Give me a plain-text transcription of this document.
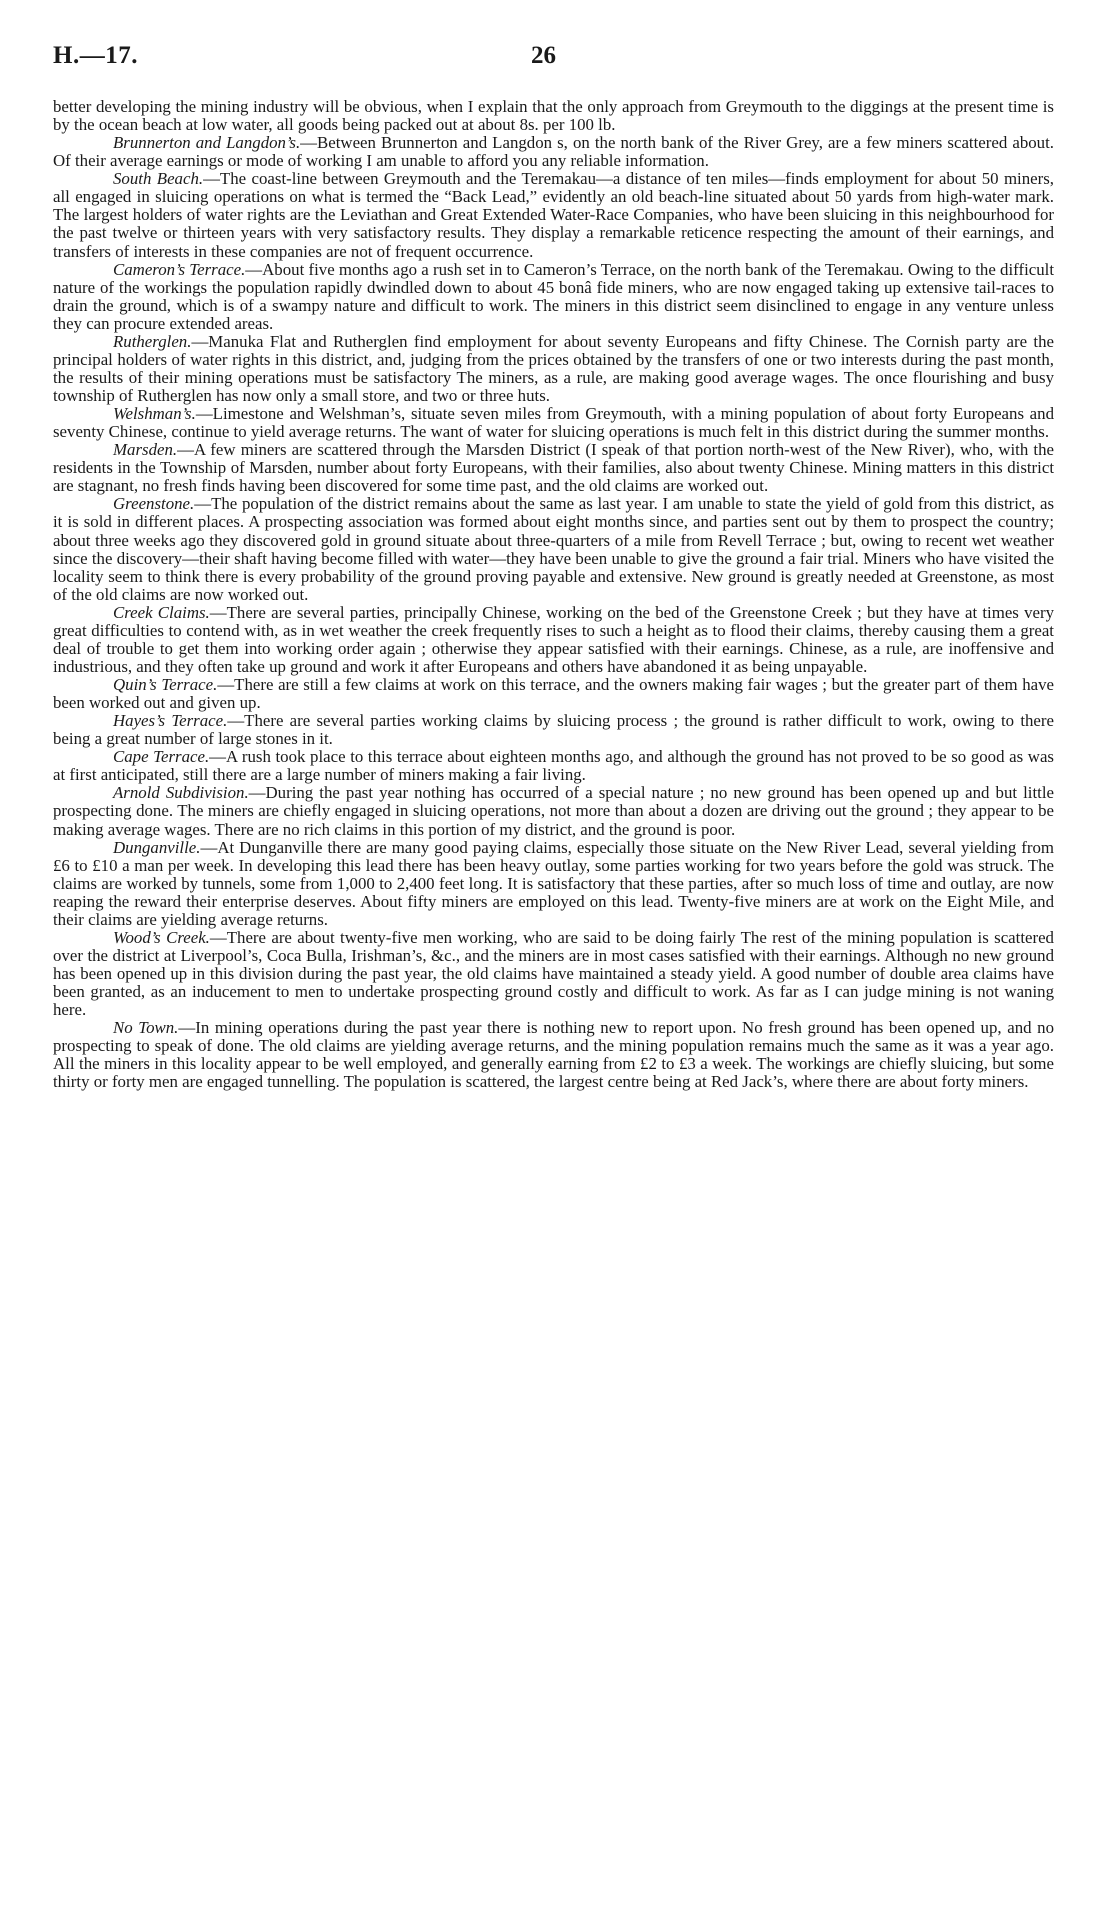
H.—17.	26

better developing the mining industry will be obvious, when I explain that the only approach from Greymouth to the diggings at the present time is by the ocean beach at low water, all goods being packed out at about 8s. per 100 lb.

Brunnerton and Langdon’s.—Between Brunnerton and Langdon s, on the north bank of the River Grey, are a few miners scattered about. Of their average earnings or mode of working I am unable to afford you any reliable information.

South Beach.—The coast-line between Greymouth and the Teremakau—a distance of ten miles—finds employment for about 50 miners, all engaged in sluicing operations on what is termed the “Back Lead,” evidently an old beach-line situated about 50 yards from high-water mark. The largest holders of water rights are the Leviathan and Great Extended Water-Race Companies, who have been sluicing in this neighbourhood for the past twelve or thirteen years with very satisfactory results. They display a remarkable reticence respecting the amount of their earnings, and transfers of interests in these companies are not of frequent occurrence.

Cameron’s Terrace.—About five months ago a rush set in to Cameron’s Terrace, on the north bank of the Teremakau. Owing to the difficult nature of the workings the population rapidly dwindled down to about 45 bonâ fide miners, who are now engaged taking up extensive tail-races to drain the ground, which is of a swampy nature and difficult to work. The miners in this district seem disinclined to engage in any venture unless they can procure extended areas.

Rutherglen.—Manuka Flat and Rutherglen find employment for about seventy Europeans and fifty Chinese. The Cornish party are the principal holders of water rights in this district, and, judging from the prices obtained by the transfers of one or two interests during the past month, the results of their mining operations must be satisfactory The miners, as a rule, are making good average wages. The once flourishing and busy township of Rutherglen has now only a small store, and two or three huts.

Welshman’s.—Limestone and Welshman’s, situate seven miles from Greymouth, with a mining population of about forty Europeans and seventy Chinese, continue to yield average returns. The want of water for sluicing operations is much felt in this district during the summer months.

Marsden.—A few miners are scattered through the Marsden District (I speak of that portion north-west of the New River), who, with the residents in the Township of Marsden, number about forty Europeans, with their families, also about twenty Chinese. Mining matters in this district are stagnant, no fresh finds having been discovered for some time past, and the old claims are worked out.

Greenstone.—The population of the district remains about the same as last year. I am unable to state the yield of gold from this district, as it is sold in different places. A prospecting association was formed about eight months since, and parties sent out by them to prospect the country; about three weeks ago they discovered gold in ground situate about three-quarters of a mile from Revell Terrace ; but, owing to recent wet weather since the discovery—their shaft having become filled with water—they have been unable to give the ground a fair trial. Miners who have visited the locality seem to think there is every probability of the ground proving payable and extensive. New ground is greatly needed at Greenstone, as most of the old claims are now worked out.

Creek Claims.—There are several parties, principally Chinese, working on the bed of the Greenstone Creek ; but they have at times very great difficulties to contend with, as in wet weather the creek frequently rises to such a height as to flood their claims, thereby causing them a great deal of trouble to get them into working order again ; otherwise they appear satisfied with their earnings. Chinese, as a rule, are inoffensive and industrious, and they often take up ground and work it after Europeans and others have abandoned it as being unpayable.

Quin’s Terrace.—There are still a few claims at work on this terrace, and the owners making fair wages ; but the greater part of them have been worked out and given up.

Hayes’s Terrace.—There are several parties working claims by sluicing process ; the ground is rather difficult to work, owing to there being a great number of large stones in it.

Cape Terrace.—A rush took place to this terrace about eighteen months ago, and although the ground has not proved to be so good as was at first anticipated, still there are a large number of miners making a fair living.

Arnold Subdivision.—During the past year nothing has occurred of a special nature ; no new ground has been opened up and but little prospecting done. The miners are chiefly engaged in sluicing operations, not more than about a dozen are driving out the ground ; they appear to be making average wages. There are no rich claims in this portion of my district, and the ground is poor.

Dunganville.—At Dunganville there are many good paying claims, especially those situate on the New River Lead, several yielding from £6 to £10 a man per week. In developing this lead there has been heavy outlay, some parties working for two years before the gold was struck. The claims are worked by tunnels, some from 1,000 to 2,400 feet long. It is satisfactory that these parties, after so much loss of time and outlay, are now reaping the reward their enterprise deserves. About fifty miners are employed on this lead. Twenty-five miners are at work on the Eight Mile, and their claims are yielding average returns.

Wood’s Creek.—There are about twenty-five men working, who are said to be doing fairly The rest of the mining population is scattered over the district at Liverpool’s, Coca Bulla, Irishman’s, &c., and the miners are in most cases satisfied with their earnings. Although no new ground has been opened up in this division during the past year, the old claims have maintained a steady yield. A good number of double area claims have been granted, as an inducement to men to undertake prospecting ground costly and difficult to work. As far as I can judge mining is not waning here.

No Town.—In mining operations during the past year there is nothing new to report upon. No fresh ground has been opened up, and no prospecting to speak of done. The old claims are yielding average returns, and the mining population remains much the same as it was a year ago. All the miners in this locality appear to be well employed, and generally earning from £2 to £3 a week. The workings are chiefly sluicing, but some thirty or forty men are engaged tunnelling. The population is scattered, the largest centre being at Red Jack’s, where there are about forty miners.
